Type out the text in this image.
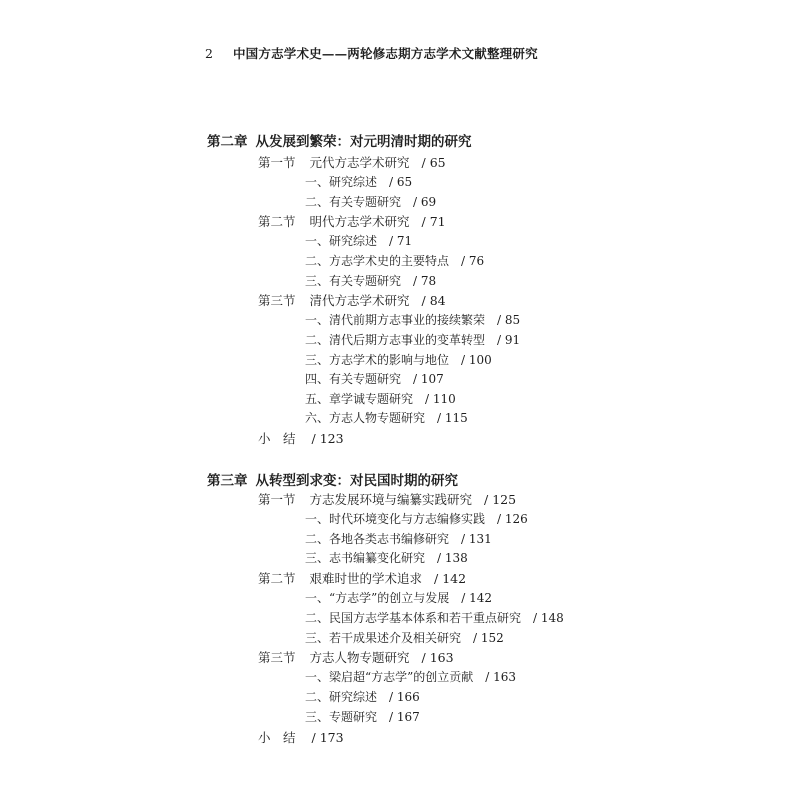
2 中国方志学术史——两轮修志期方志学术文献整理研究
第二章 从发展到繁荣：对元明清时期的研究
第一节 元代方志学术研究 / 65
一、研究综述 / 65
二、有关专题研究 / 69
第二节 明代方志学术研究 / 71
一、研究综述 / 71
二、方志学术史的主要特点 / 76
三、有关专题研究 / 78
第三节 清代方志学术研究 / 84
一、清代前期方志事业的接续繁荣 / 85
二、清代后期方志事业的变革转型 / 91
三、方志学术的影响与地位 / 100
四、有关专题研究 / 107
五、章学诚专题研究 / 110
六、方志人物专题研究 / 115
小　结 / 123
第三章 从转型到求变：对民国时期的研究
第一节 方志发展环境与编纂实践研究 / 125
一、时代环境变化与方志编修实践 / 126
二、各地各类志书编修研究 / 131
三、志书编纂变化研究 / 138
第二节 艰难时世的学术追求 / 142
一、“方志学”的创立与发展 / 142
二、民国方志学基本体系和若干重点研究 / 148
三、若干成果述介及相关研究 / 152
第三节 方志人物专题研究 / 163
一、梁启超“方志学”的创立贡献 / 163
二、研究综述 / 166
三、专题研究 / 167
小　结 / 173
